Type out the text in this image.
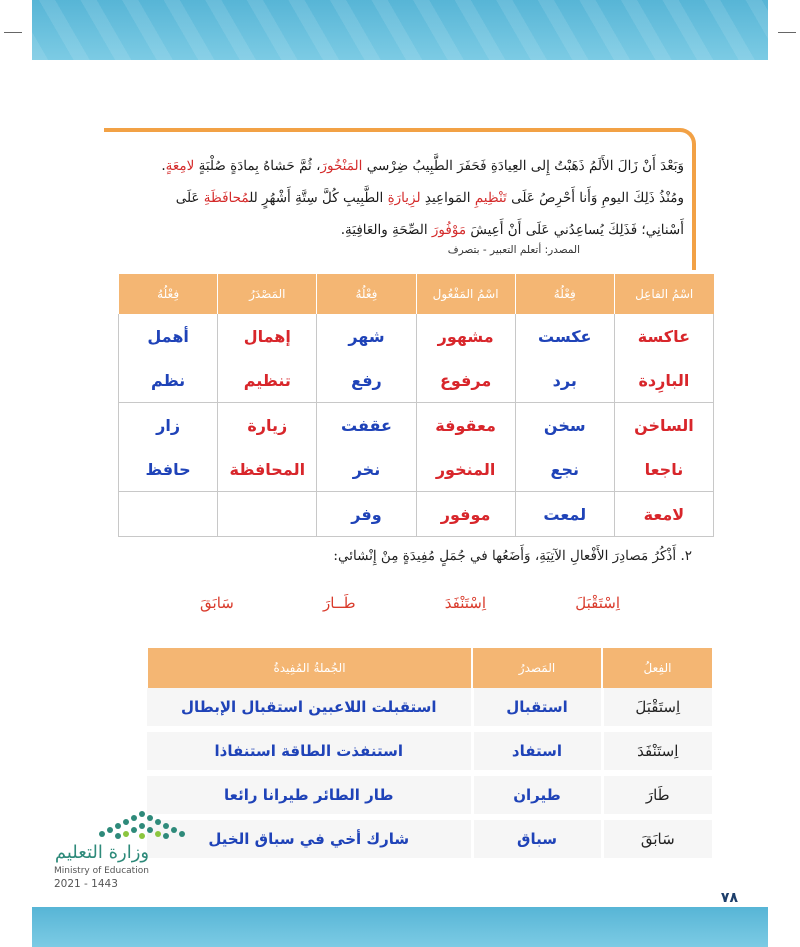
وَبَعْدَ أَنْ زَالَ الأَلَمُ ذَهَبْتُ إِلى العِيادَةِ فَحَفَرَ الطَّبِيبُ ضِرْسي المَنْخُورَ، ثُمَّ حَشاهُ بِمادَةٍ صُلْبَةٍ لامِعَةٍ.
ومُنْذُ ذَلِكَ اليومِ وَأَنا أَحْرِصُ عَلَى تَنْظِيمِ المَواعِيدِ لزِيارَةِ الطَّبِيبِ كُلَّ سِتَّةِ أَشْهُرٍ للمُحافَظَةِ عَلَى
أَسْنانِي؛ فَذَلِكَ يُساعِدُني عَلَى أَنْ أَعِيشَ مَوْفُورَ الصِّحَةِ والعَافِيَةِ.

المصدر: أتعلم التعبير - بتصرف
اسْمُ الفاعِل	فِعْلُهُ	اسْمُ المَفْعُول	فِعْلُهُ	المَصْدَرُ	فِعْلُهُ
عاكسة	عكست	مشهور	شهر	إهمال	أهمل
البارِدة	برد	مرفوع	رفع	تنظيم	نظم
الساخن	سخن	معقوفة	عقفت	زيارة	زار
ناجعا	نجع	المنخور	نخر	المحافظة	حافظ
لامعة	لمعت	موفور	وفر		
٢. أَذْكُرُ مَصادِرَ الأَفْعالِ الآتِيَةِ، وَأَضَعُها في جُمَلٍ مُفِيدَةٍ مِنْ إِنْشائي:
اِسْتَقْبَلَ
اِسْتَنْفَدَ
طَــارَ
سَابَقَ
الفِعلُ	المَصدرُ	الجُملةُ المُفِيدةُ
اِستَقْبَلَ	استقبال	استقبلت اللاعبين استقبال الإبطال
اِستَنْفَدَ	استفاد	استنفذت الطاقة استنفاذا
طَارَ	طيران	طار الطائر طيرانا رائعا
سَابَقَ	سباق	شارك أخي في سباق الخيل
وزارة التعليم
Ministry of Education
2021 - 1443
٧٨
